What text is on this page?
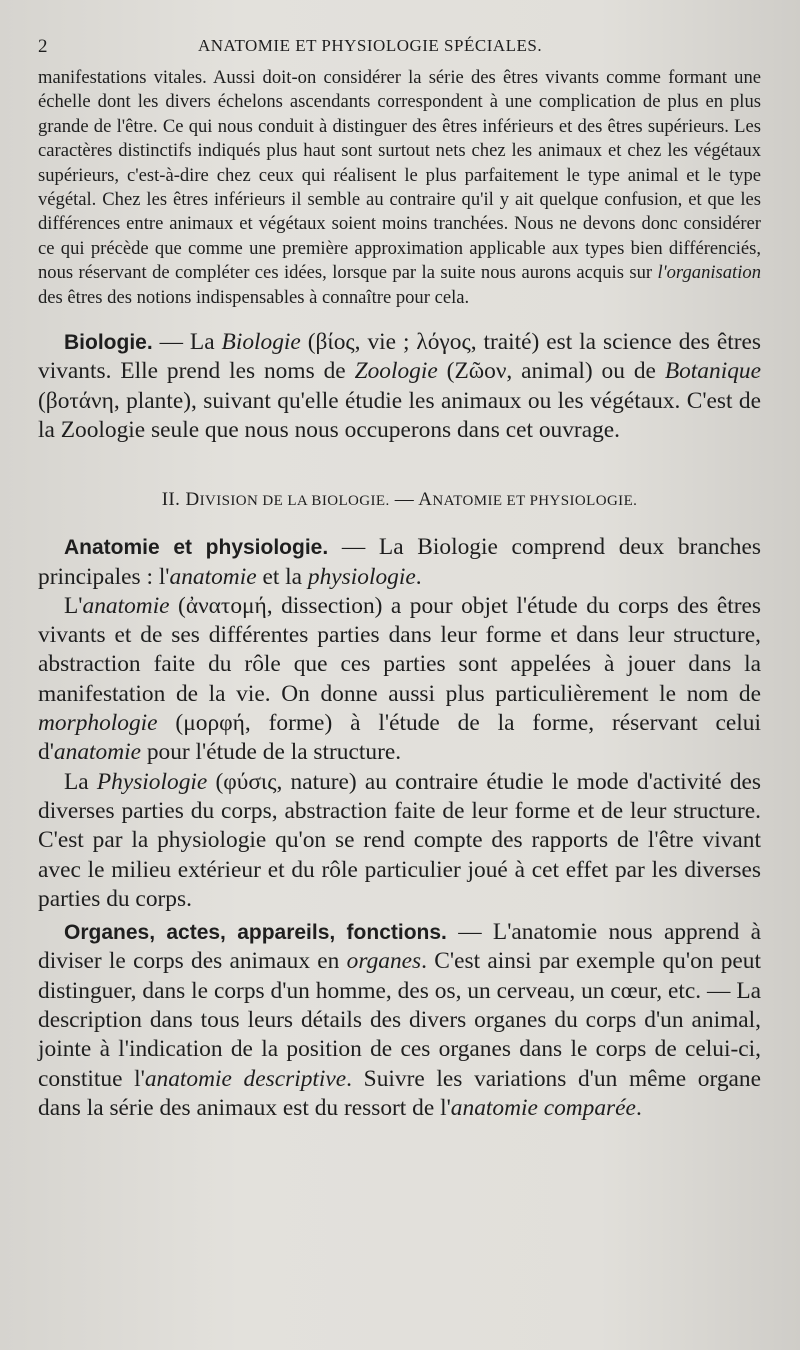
2	ANATOMIE ET PHYSIOLOGIE SPÉCIALES.

manifestations vitales. Aussi doit-on considérer la série des êtres vivants comme formant une échelle dont les divers échelons ascendants correspondent à une complication de plus en plus grande de l'être. Ce qui nous conduit à distinguer des êtres inférieurs et des êtres supérieurs. Les caractères distinctifs indiqués plus haut sont surtout nets chez les animaux et chez les végétaux supérieurs, c'est-à-dire chez ceux qui réalisent le plus parfaitement le type animal et le type végétal. Chez les êtres inférieurs il semble au contraire qu'il y ait quelque confusion, et que les différences entre animaux et végétaux soient moins tranchées. Nous ne devons donc considérer ce qui précède que comme une première approximation applicable aux types bien différenciés, nous réservant de compléter ces idées, lorsque par la suite nous aurons acquis sur l'organisation des êtres des notions indispensables à connaître pour cela.

Biologie. — La Biologie (βίος, vie ; λόγος, traité) est la science des êtres vivants. Elle prend les noms de Zoologie (Ζῶον, animal) ou de Botanique (βοτάνη, plante), suivant qu'elle étudie les animaux ou les végétaux. C'est de la Zoologie seule que nous nous occuperons dans cet ouvrage.

II. DIVISION DE LA BIOLOGIE. — ANATOMIE ET PHYSIOLOGIE.

Anatomie et physiologie. — La Biologie comprend deux branches principales : l'anatomie et la physiologie.

L'anatomie (ἀνατομή, dissection) a pour objet l'étude du corps des êtres vivants et de ses différentes parties dans leur forme et dans leur structure, abstraction faite du rôle que ces parties sont appelées à jouer dans la manifestation de la vie. On donne aussi plus particulièrement le nom de morphologie (μορφή, forme) à l'étude de la forme, réservant celui d'anatomie pour l'étude de la structure.

La Physiologie (φύσις, nature) au contraire étudie le mode d'activité des diverses parties du corps, abstraction faite de leur forme et de leur structure. C'est par la physiologie qu'on se rend compte des rapports de l'être vivant avec le milieu extérieur et du rôle particulier joué à cet effet par les diverses parties du corps.

Organes, actes, appareils, fonctions. — L'anatomie nous apprend à diviser le corps des animaux en organes. C'est ainsi par exemple qu'on peut distinguer, dans le corps d'un homme, des os, un cerveau, un cœur, etc. — La description dans tous leurs détails des divers organes du corps d'un animal, jointe à l'indication de la position de ces organes dans le corps de celui-ci, constitue l'anatomie descriptive. Suivre les variations d'un même organe dans la série des animaux est du ressort de l'anatomie comparée.
